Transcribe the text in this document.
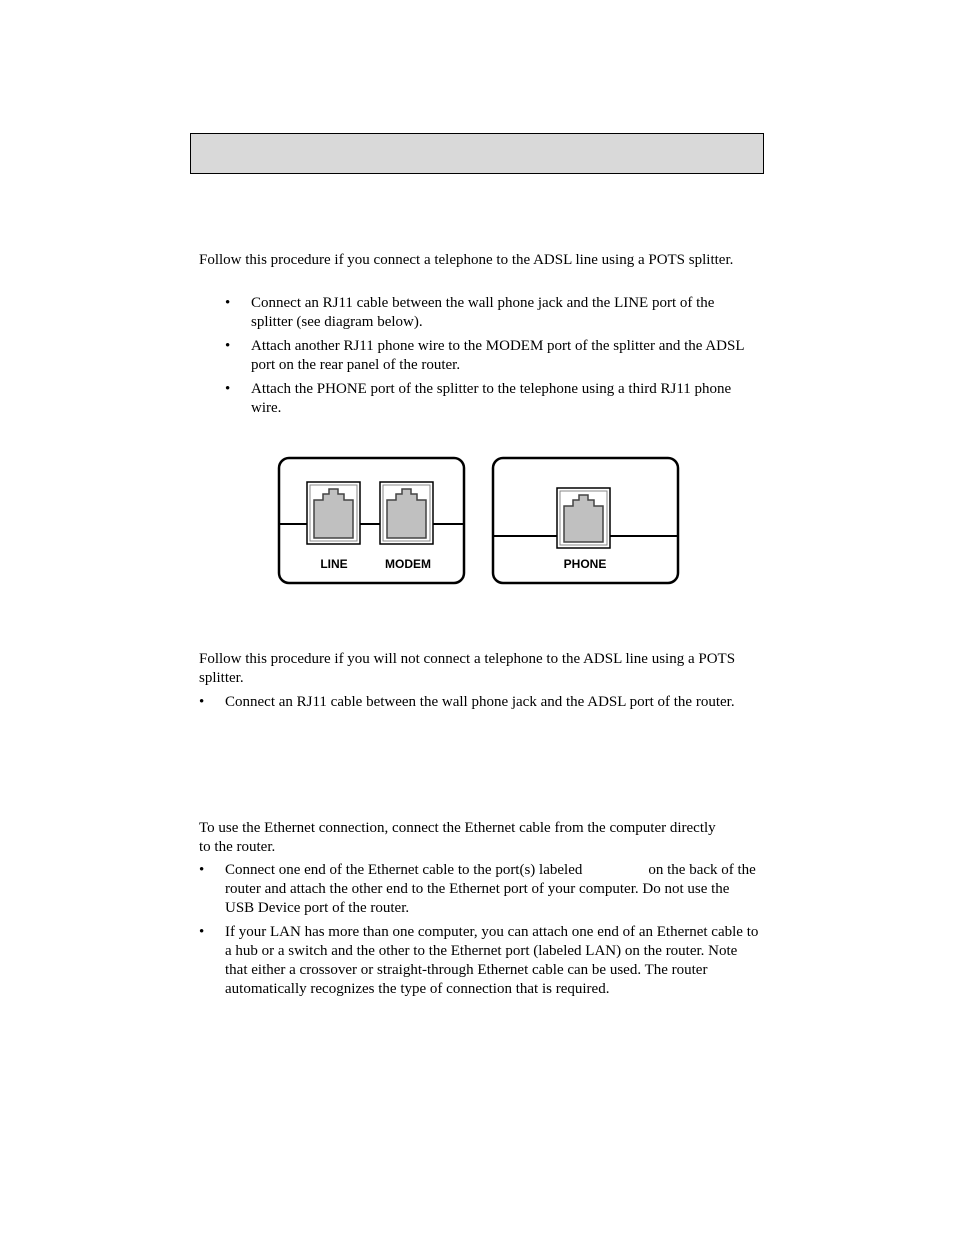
Follow this procedure if you connect a telephone to the ADSL line using a POTS splitter.

• Connect an RJ11 cable between the wall phone jack and the LINE port of the splitter (see diagram below).
• Attach another RJ11 phone wire to the MODEM port of the splitter and the ADSL port on the rear panel of the router.
• Attach the PHONE port of the splitter to the telephone using a third RJ11 phone wire.
LINE	MODEM	PHONE

Follow this procedure if you will not connect a telephone to the ADSL line using a POTS splitter.

• Connect an RJ11 cable between the wall phone jack and the ADSL port of the router.

To use the Ethernet connection, connect the Ethernet cable from the computer directly to the router.

• Connect one end of the Ethernet cable to the port(s) labeled	on the back of the router and attach the other end to the Ethernet port of your computer. Do not use the USB Device port of the router.
• If your LAN has more than one computer, you can attach one end of an Ethernet cable to a hub or a switch and the other to the Ethernet port (labeled LAN) on the router. Note that either a crossover or straight-through Ethernet cable can be used. The router automatically recognizes the type of connection that is required.
